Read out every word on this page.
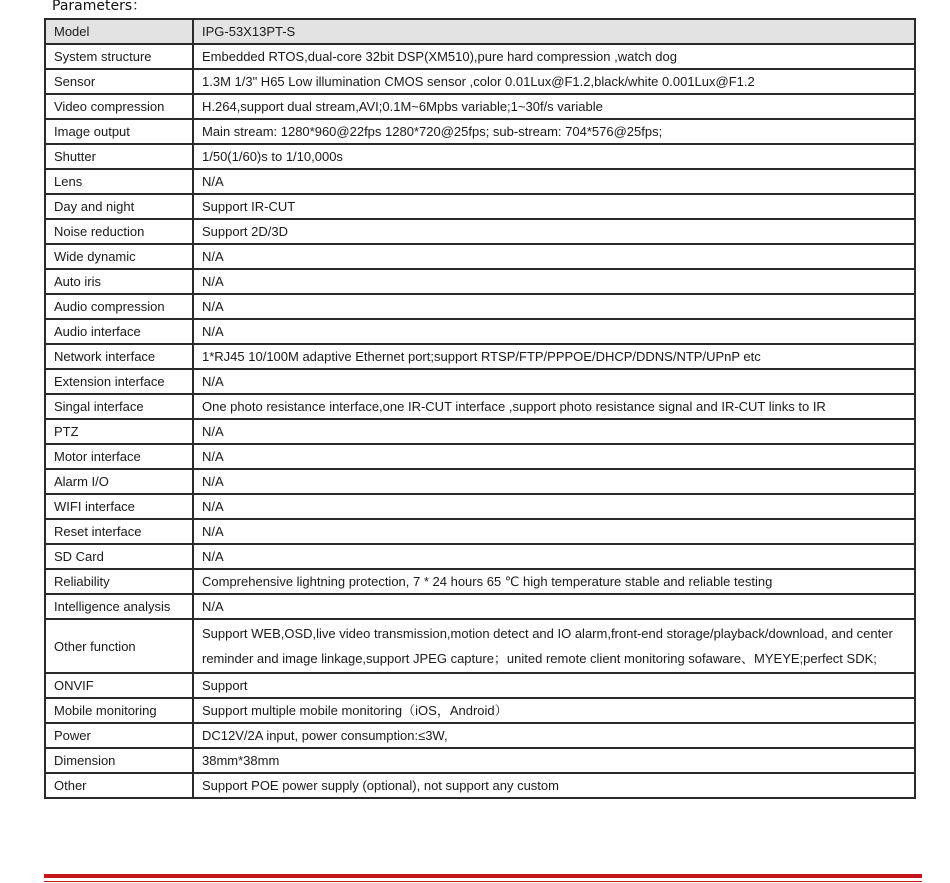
Parameters：
Model	IPG-53X13PT-S
System structure	Embedded RTOS,dual-core 32bit DSP(XM510),pure hard compression ,watch dog
Sensor	1.3M 1/3" H65 Low illumination CMOS sensor ,color 0.01Lux@F1.2,black/white 0.001Lux@F1.2
Video compression	H.264,support dual stream,AVI;0.1M~6Mpbs variable;1~30f/s variable
Image output	Main stream: 1280*960@22fps 1280*720@25fps; sub-stream: 704*576@25fps;
Shutter	1/50(1/60)s to 1/10,000s
Lens	N/A
Day and night	Support IR-CUT
Noise reduction	Support 2D/3D
Wide dynamic	N/A
Auto iris	N/A
Audio compression	N/A
Audio interface	N/A
Network interface	1*RJ45 10/100M adaptive Ethernet port;support RTSP/FTP/PPPOE/DHCP/DDNS/NTP/UPnP etc
Extension interface	N/A
Singal interface	One photo resistance interface,one IR-CUT interface ,support photo resistance signal and IR-CUT links to IR
PTZ	N/A
Motor interface	N/A
Alarm I/O	N/A
WIFI interface	N/A
Reset interface	N/A
SD Card	N/A
Reliability	Comprehensive lightning protection, 7 * 24 hours 65 ℃ high temperature stable and reliable testing
Intelligence analysis	N/A
Other function	Support WEB,OSD,live video transmission,motion detect and IO alarm,front-end storage/playback/download, and center reminder and image linkage,support JPEG capture；united remote client monitoring sofaware、MYEYE;perfect SDK;
ONVIF	Support
Mobile monitoring	Support multiple mobile monitoring（iOS，Android）
Power	DC12V/2A input, power consumption:≤3W,
Dimension	38mm*38mm
Other	Support POE power supply (optional), not support any custom
